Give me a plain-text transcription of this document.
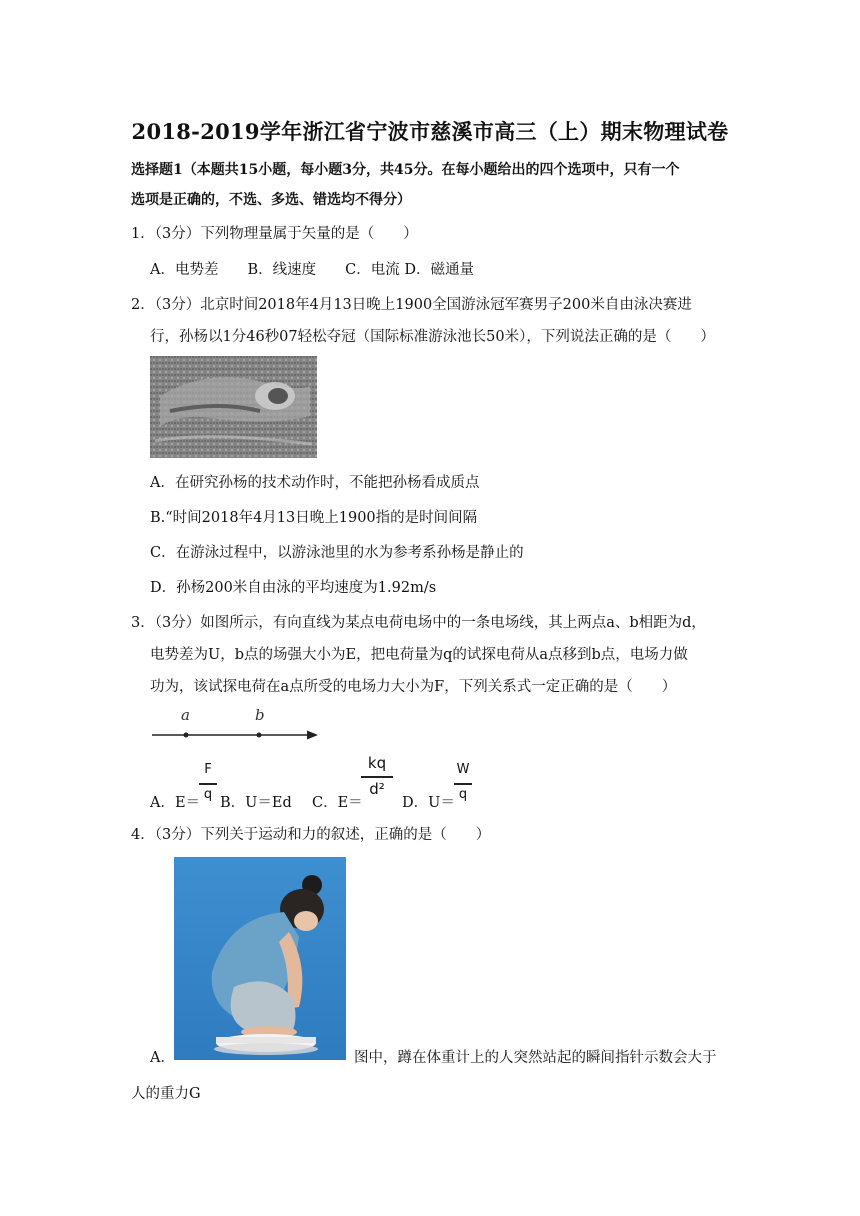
2018-2019学年浙江省宁波市慈溪市高三（上）期末物理试卷
选择题1（本题共15小题，每小题3分，共45分。在每小题给出的四个选项中，只有一个
选项是正确的，不选、多选、错选均不得分）
1．（3分）下列物理量属于矢量的是（　　）
A．电势差　　B．线速度　　C．电流 D．磁通量
2．（3分）北京时间2018年4月13日晚上1900全国游泳冠军赛男子200米自由泳决赛进
行，孙杨以1分46秒07轻松夺冠（国际标准游泳池长50米），下列说法正确的是（　　）
A．在研究孙杨的技术动作时，不能把孙杨看成质点
B.“时间2018年4月13日晚上1900指的是时间间隔
C．在游泳过程中，以游泳池里的水为参考系孙杨是静止的
D．孙杨200米自由泳的平均速度为1.92m/s
3．（3分）如图所示，有向直线为某点电荷电场中的一条电场线，其上两点a、b相距为d，
电势差为U，b点的场强大小为E，把电荷量为q的试探电荷从a点移到b点，电场力做
功为，该试探电荷在a点所受的电场力大小为F，下列关系式一定正确的是（　　）
a	b
A．E＝
F
q
B．U＝Ed C．E＝
kq
d²
D．U＝
W
q
4．（3分）下列关于运动和力的叙述，正确的是（　　）
A．	图中，蹲在体重计上的人突然站起的瞬间指针示数会大于
人的重力G
